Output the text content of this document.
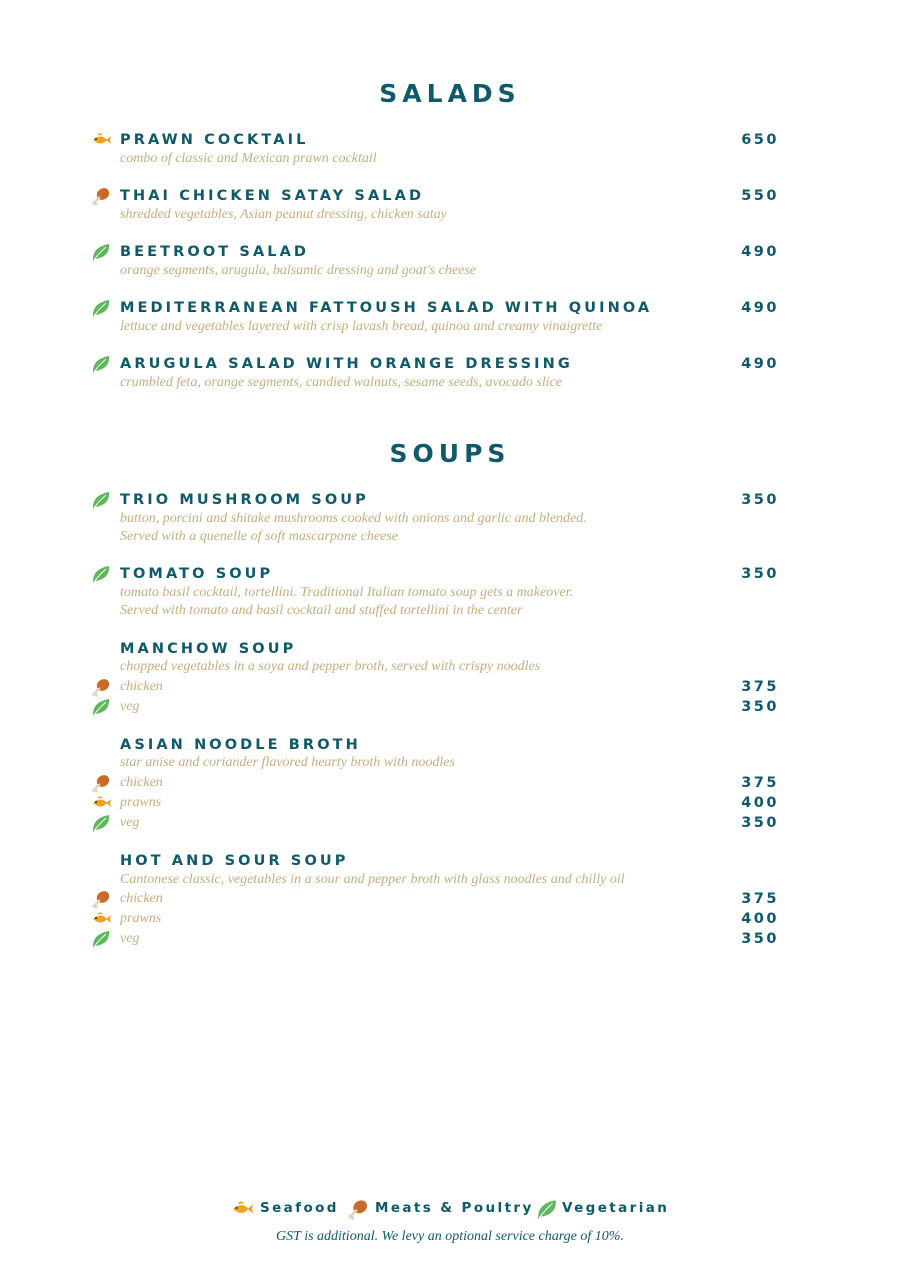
SALADS
PRAWN COCKTAIL	650
combo of classic and Mexican prawn cocktail
THAI CHICKEN SATAY SALAD	550
shredded vegetables, Asian peanut dressing, chicken satay
BEETROOT SALAD	490
orange segments, arugula, balsamic dressing and goat's cheese
MEDITERRANEAN FATTOUSH SALAD WITH QUINOA	490
lettuce and vegetables layered with crisp lavash bread, quinoa and creamy vinaigrette
ARUGULA SALAD WITH ORANGE DRESSING	490
crumbled feta, orange segments, candied walnuts, sesame seeds, avocado slice
SOUPS
TRIO MUSHROOM SOUP	350
button, porcini and shitake mushrooms cooked with onions and garlic and blended.
Served with a quenelle of soft mascarpone cheese
TOMATO SOUP	350
tomato basil cocktail, tortellini. Traditional Italian tomato soup gets a makeover.
Served with tomato and basil cocktail and stuffed tortellini in the center
MANCHOW SOUP
chopped vegetables in a soya and pepper broth, served with crispy noodles
chicken	375
veg	350
ASIAN NOODLE BROTH
star anise and coriander flavored hearty broth with noodles
chicken	375
prawns	400
veg	350
HOT AND SOUR SOUP
Cantonese classic, vegetables in a sour and pepper broth with glass noodles and chilly oil
chicken	375
prawns	400
veg	350
Seafood	Meats & Poultry Vegetarian
GST is additional. We levy an optional service charge of 10%.
